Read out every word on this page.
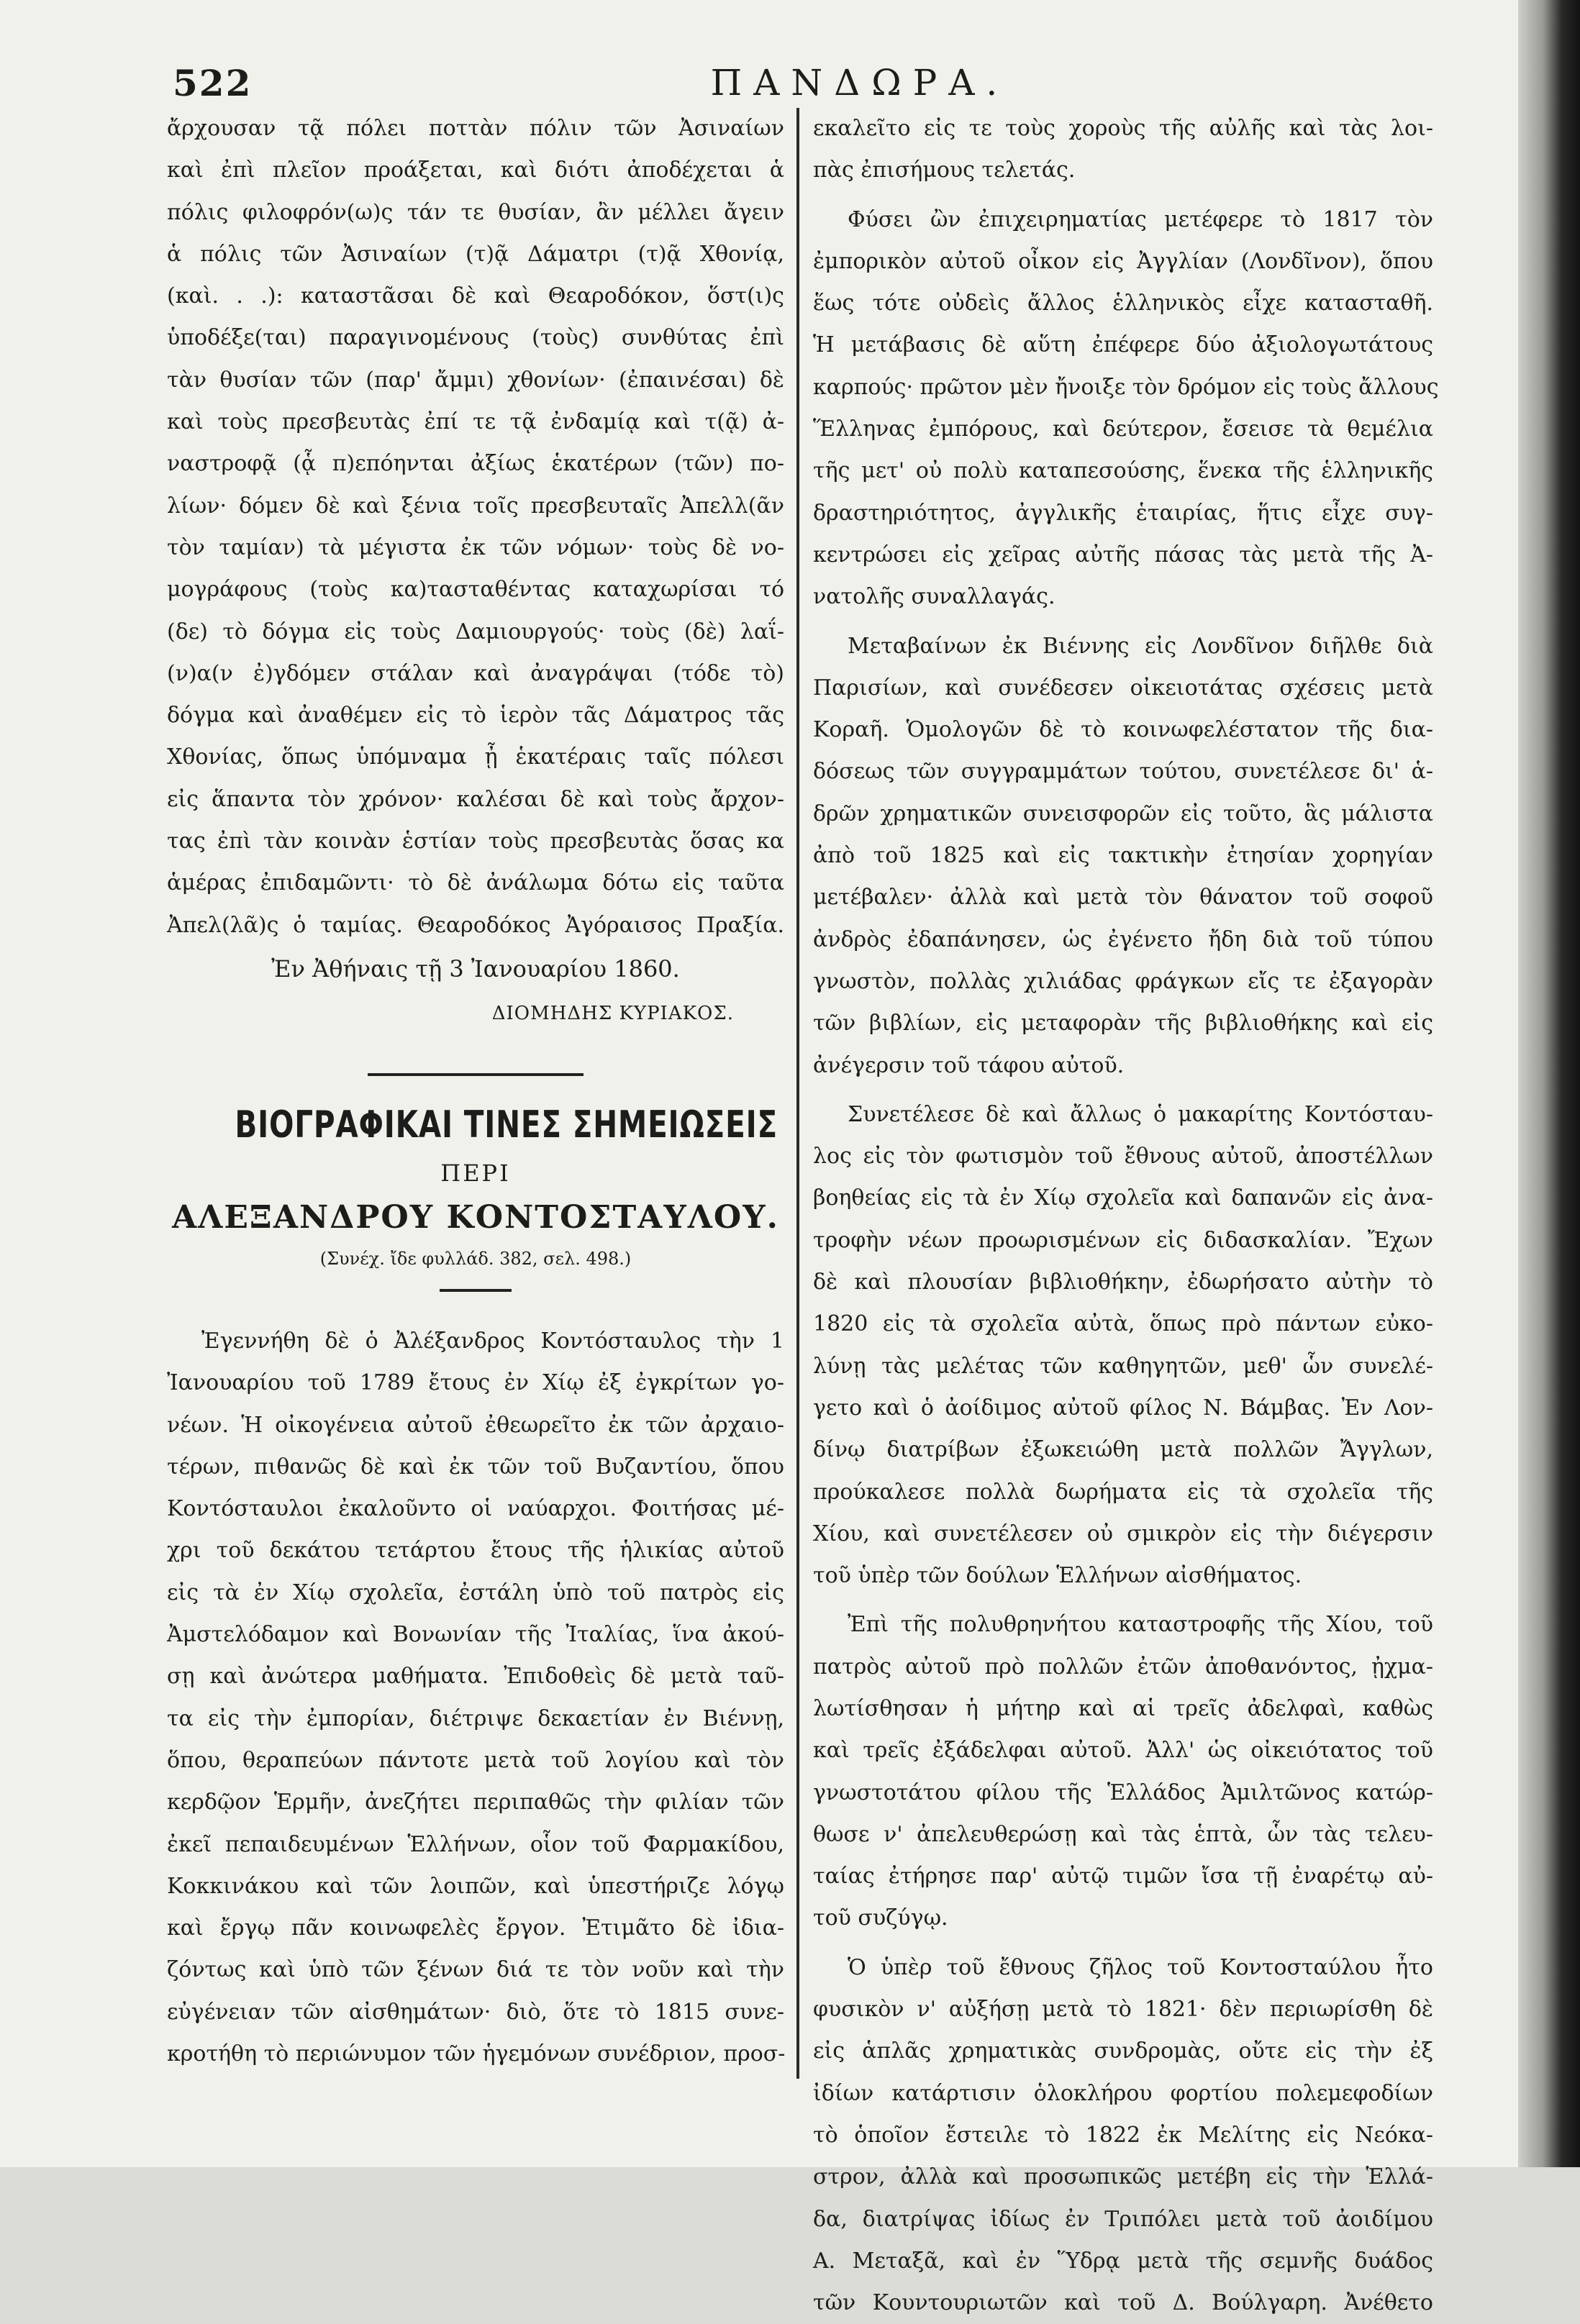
522	ΠΑΝΔΩΡΑ.
ἄρχουσαν τᾷ πόλει ποττὰν πόλιν τῶν Ἀσιναίων
καὶ ἐπὶ πλεῖον προάξεται, καὶ διότι ἀποδέχεται ἁ
πόλις φιλοφρόν(ω)ς τάν τε θυσίαν, ἂν μέλλει ἄγειν
ἁ πόλις τῶν Ἀσιναίων (τ)ᾷ Δάματρι (τ)ᾷ Χθονίᾳ,
(καὶ. . .): καταστᾶσαι δὲ καὶ Θεαροδόκον, ὅστ(ι)ς
ὑποδέξε(ται) παραγινομένους (τοὺς) συνθύτας ἐπὶ
τὰν θυσίαν τῶν (παρ' ἄμμι) χθονίων· (ἐπαινέσαι) δὲ
καὶ τοὺς πρεσβευτὰς ἐπί τε τᾷ ἐνδαμίᾳ καὶ τ(ᾷ) ἀ-
ναστροφᾷ (ᾇ π)επόηνται ἀξίως ἑκατέρων (τῶν) πο-
λίων· δόμεν δὲ καὶ ξένια τοῖς πρεσβευταῖς Ἀπελλ(ᾶν
τὸν ταμίαν) τὰ μέγιστα ἐκ τῶν νόμων· τοὺς δὲ νο-
μογράφους (τοὺς κα)τασταθέντας καταχωρίσαι τό
(δε) τὸ δόγμα εἰς τοὺς Δαμιουργούς· τοὺς (δὲ) λαΐ-
(ν)α(ν ἐ)γδόμεν στάλαν καὶ ἀναγράψαι (τόδε τὸ)
δόγμα καὶ ἀναθέμεν εἰς τὸ ἱερὸν τᾶς Δάματρος τᾶς
Χθονίας, ὅπως ὑπόμναμα ᾖ ἑκατέραις ταῖς πόλεσι
εἰς ἅπαντα τὸν χρόνον· καλέσαι δὲ καὶ τοὺς ἄρχον-
τας ἐπὶ τὰν κοινὰν ἑστίαν τοὺς πρεσβευτὰς ὅσας κα
ἁμέρας ἐπιδαμῶντι· τὸ δὲ ἀνάλωμα δότω εἰς ταῦτα
Ἀπελ(λᾶ)ς ὁ ταμίας. Θεαροδόκος Ἀγόραισος Πραξία.
Ἐν Ἀθήναις τῇ 3 Ἰανουαρίου 1860.
ΔΙΟΜΗΔΗΣ ΚΥΡΙΑΚΟΣ.
ΒΙΟΓΡΑΦΙΚΑΙ ΤΙΝΕΣ ΣΗΜΕΙΩΣΕΙΣ
ΠΕΡΙ
ΑΛΕΞΑΝΔΡΟΥ ΚΟΝΤΟΣΤΑΥΛΟΥ.
(Συνέχ. ἴδε φυλλάδ. 382, σελ. 498.)
Ἐγεννήθη δὲ ὁ Ἀλέξανδρος Κοντόσταυλος τὴν 1
Ἰανουαρίου τοῦ 1789 ἔτους ἐν Χίῳ ἐξ ἐγκρίτων γο-
νέων. Ἡ οἰκογένεια αὐτοῦ ἐθεωρεῖτο ἐκ τῶν ἀρχαιο-
τέρων, πιθανῶς δὲ καὶ ἐκ τῶν τοῦ Βυζαντίου, ὅπου
Κοντόσταυλοι ἐκαλοῦντο οἱ ναύαρχοι. Φοιτήσας μέ-
χρι τοῦ δεκάτου τετάρτου ἔτους τῆς ἡλικίας αὐτοῦ
εἰς τὰ ἐν Χίῳ σχολεῖα, ἐστάλη ὑπὸ τοῦ πατρὸς εἰς
Ἀμστελόδαμον καὶ Βονωνίαν τῆς Ἰταλίας, ἵνα ἀκού-
σῃ καὶ ἀνώτερα μαθήματα. Ἐπιδοθεὶς δὲ μετὰ ταῦ-
τα εἰς τὴν ἐμπορίαν, διέτριψε δεκαετίαν ἐν Βιέννῃ,
ὅπου, θεραπεύων πάντοτε μετὰ τοῦ λογίου καὶ τὸν
κερδῷον Ἑρμῆν, ἀνεζήτει περιπαθῶς τὴν φιλίαν τῶν
ἐκεῖ πεπαιδευμένων Ἑλλήνων, οἷον τοῦ Φαρμακίδου,
Κοκκινάκου καὶ τῶν λοιπῶν, καὶ ὑπεστήριζε λόγῳ
καὶ ἔργῳ πᾶν κοινωφελὲς ἔργον. Ἐτιμᾶτο δὲ ἰδια-
ζόντως καὶ ὑπὸ τῶν ξένων διά τε τὸν νοῦν καὶ τὴν
εὐγένειαν τῶν αἰσθημάτων· διὸ, ὅτε τὸ 1815 συνε-
κροτήθη τὸ περιώνυμον τῶν ἡγεμόνων συνέδριον, προσ-
εκαλεῖτο εἰς τε τοὺς χοροὺς τῆς αὐλῆς καὶ τὰς λοι-
πὰς ἐπισήμους τελετάς.
Φύσει ὢν ἐπιχειρηματίας μετέφερε τὸ 1817 τὸν
ἐμπορικὸν αὐτοῦ οἶκον εἰς Ἀγγλίαν (Λονδῖνον), ὅπου
ἕως τότε οὐδεὶς ἄλλος ἑλληνικὸς εἶχε κατασταθῆ.
Ἡ μετάβασις δὲ αὕτη ἐπέφερε δύο ἀξιολογωτάτους
καρπούς· πρῶτον μὲν ἤνοιξε τὸν δρόμον εἰς τοὺς ἄλλους
Ἕλληνας ἐμπόρους, καὶ δεύτερον, ἔσεισε τὰ θεμέλια
τῆς μετ' οὐ πολὺ καταπεσούσης, ἕνεκα τῆς ἑλληνικῆς
δραστηριότητος, ἀγγλικῆς ἑταιρίας, ἥτις εἶχε συγ-
κεντρώσει εἰς χεῖρας αὐτῆς πάσας τὰς μετὰ τῆς Ἀ-
νατολῆς συναλλαγάς.
Μεταβαίνων ἐκ Βιέννης εἰς Λονδῖνον διῆλθε διὰ
Παρισίων, καὶ συνέδεσεν οἰκειοτάτας σχέσεις μετὰ
Κοραῆ. Ὁμολογῶν δὲ τὸ κοινωφελέστατον τῆς δια-
δόσεως τῶν συγγραμμάτων τούτου, συνετέλεσε δι' ἁ-
δρῶν χρηματικῶν συνεισφορῶν εἰς τοῦτο, ἃς μάλιστα
ἀπὸ τοῦ 1825 καὶ εἰς τακτικὴν ἐτησίαν χορηγίαν
μετέβαλεν· ἀλλὰ καὶ μετὰ τὸν θάνατον τοῦ σοφοῦ
ἀνδρὸς ἐδαπάνησεν, ὡς ἐγένετο ἤδη διὰ τοῦ τύπου
γνωστὸν, πολλὰς χιλιάδας φράγκων εἴς τε ἐξαγορὰν
τῶν βιβλίων, εἰς μεταφορὰν τῆς βιβλιοθήκης καὶ εἰς
ἀνέγερσιν τοῦ τάφου αὐτοῦ.
Συνετέλεσε δὲ καὶ ἄλλως ὁ μακαρίτης Κοντόσταυ-
λος εἰς τὸν φωτισμὸν τοῦ ἔθνους αὐτοῦ, ἀποστέλλων
βοηθείας εἰς τὰ ἐν Χίῳ σχολεῖα καὶ δαπανῶν εἰς ἀνα-
τροφὴν νέων προωρισμένων εἰς διδασκαλίαν. Ἔχων
δὲ καὶ πλουσίαν βιβλιοθήκην, ἐδωρήσατο αὐτὴν τὸ
1820 εἰς τὰ σχολεῖα αὐτὰ, ὅπως πρὸ πάντων εὐκο-
λύνῃ τὰς μελέτας τῶν καθηγητῶν, μεθ' ὧν συνελέ-
γετο καὶ ὁ ἀοίδιμος αὐτοῦ φίλος Ν. Βάμβας. Ἐν Λον-
δίνῳ διατρίβων ἐξωκειώθη μετὰ πολλῶν Ἄγγλων,
προύκαλεσε πολλὰ δωρήματα εἰς τὰ σχολεῖα τῆς
Χίου, καὶ συνετέλεσεν οὐ σμικρὸν εἰς τὴν διέγερσιν
τοῦ ὑπὲρ τῶν δούλων Ἑλλήνων αἰσθήματος.
Ἐπὶ τῆς πολυθρηνήτου καταστροφῆς τῆς Χίου, τοῦ
πατρὸς αὐτοῦ πρὸ πολλῶν ἐτῶν ἀποθανόντος, ᾐχμα-
λωτίσθησαν ἡ μήτηρ καὶ αἱ τρεῖς ἀδελφαὶ, καθὼς
καὶ τρεῖς ἐξάδελφαι αὐτοῦ. Ἀλλ' ὡς οἰκειότατος τοῦ
γνωστοτάτου φίλου τῆς Ἑλλάδος Ἀμιλτῶνος κατώρ-
θωσε ν' ἀπελευθερώσῃ καὶ τὰς ἑπτὰ, ὧν τὰς τελευ-
ταίας ἐτήρησε παρ' αὐτῷ τιμῶν ἴσα τῇ ἐναρέτῳ αὐ-
τοῦ συζύγῳ.
Ὁ ὑπὲρ τοῦ ἔθνους ζῆλος τοῦ Κοντοσταύλου ἦτο
φυσικὸν ν' αὐξήσῃ μετὰ τὸ 1821· δὲν περιωρίσθη δὲ
εἰς ἁπλᾶς χρηματικὰς συνδρομὰς, οὔτε εἰς τὴν ἐξ
ἰδίων κατάρτισιν ὁλοκλήρου φορτίου πολεμεφοδίων
τὸ ὁποῖον ἔστειλε τὸ 1822 ἐκ Μελίτης εἰς Νεόκα-
στρον, ἀλλὰ καὶ προσωπικῶς μετέβη εἰς τὴν Ἑλλά-
δα, διατρίψας ἰδίως ἐν Τριπόλει μετὰ τοῦ ἀοιδίμου
Α. Μεταξᾶ, καὶ ἐν Ὕδρᾳ μετὰ τῆς σεμνῆς δυάδος
τῶν Κουντουριωτῶν καὶ τοῦ Δ. Βούλγαρη. Ἀνέθετο
